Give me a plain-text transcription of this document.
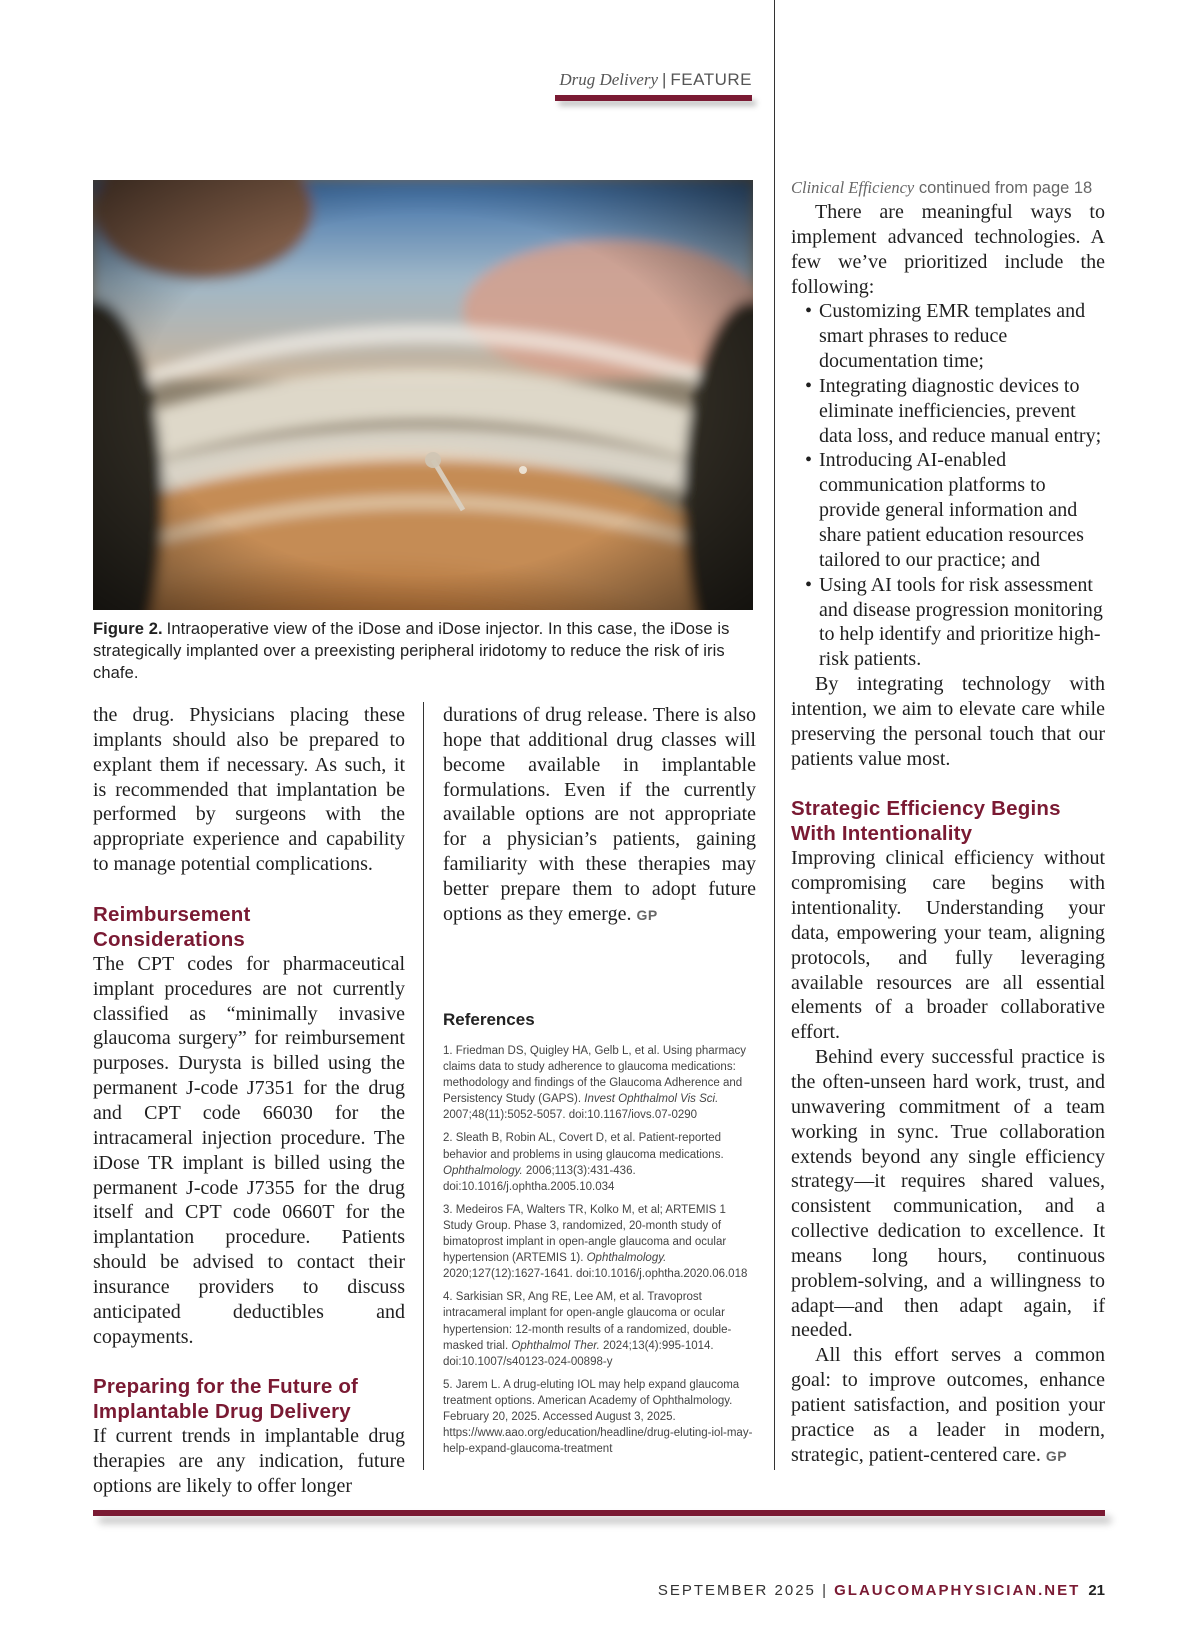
Drug Delivery | FEATURE
Figure 2. Intraoperative view of the iDose and iDose injector. In this case, the iDose is strategically implanted over a preexisting peripheral iridotomy to reduce the risk of iris chafe.

the drug. Physicians placing these implants should also be prepared to explant them if necessary. As such, it is recommended that implantation be performed by surgeons with the appropriate experience and capability to manage potential complications.

Reimbursement Considerations

The CPT codes for pharmaceutical implant procedures are not currently classified as “minimally invasive glaucoma surgery” for reimbursement purposes. Durysta is billed using the permanent J-code J7351 for the drug and CPT code 66030 for the intracameral injection procedure. The iDose TR implant is billed using the permanent J-code J7355 for the drug itself and CPT code 0660T for the implantation procedure. Patients should be advised to contact their insurance providers to discuss anticipated deductibles and copayments.

Preparing for the Future of Implantable Drug Delivery

If current trends in implantable drug therapies are any indication, future options are likely to offer longer

durations of drug release. There is also hope that additional drug classes will become available in implantable formulations. Even if the currently available options are not appropriate for a physician’s patients, gaining familiarity with these therapies may better prepare them to adopt future options as they emerge. GP

References

1. Friedman DS, Quigley HA, Gelb L, et al. Using pharmacy claims data to study adherence to glaucoma medications: methodology and findings of the Glaucoma Adherence and Persistency Study (GAPS). Invest Ophthalmol Vis Sci. 2007;48(11):5052-5057. doi:10.1167/iovs.07-0290

2. Sleath B, Robin AL, Covert D, et al. Patient-reported behavior and problems in using glaucoma medications. Ophthalmology. 2006;113(3):431-436. doi:10.1016/j.ophtha.2005.10.034

3. Medeiros FA, Walters TR, Kolko M, et al; ARTEMIS 1 Study Group. Phase 3, randomized, 20-month study of bimatoprost implant in open-angle glaucoma and ocular hypertension (ARTEMIS 1). Ophthalmology. 2020;127(12):1627-1641. doi:10.1016/j.ophtha.2020.06.018

4. Sarkisian SR, Ang RE, Lee AM, et al. Travoprost intracameral implant for open-angle glaucoma or ocular hypertension: 12-month results of a randomized, double-masked trial. Ophthalmol Ther. 2024;13(4):995-1014. doi:10.1007/s40123-024-00898-y

5. Jarem L. A drug-eluting IOL may help expand glaucoma treatment options. American Academy of Ophthalmology. February 20, 2025. Accessed August 3, 2025. https://www.aao.org/education/headline/drug-eluting-iol-may-help-expand-glaucoma-treatment

Clinical Efficiency continued from page 18

There are meaningful ways to implement advanced technologies. A few we’ve prioritized include the following:

• Customizing EMR templates and smart phrases to reduce documentation time;
• Integrating diagnostic devices to eliminate inefficiencies, prevent data loss, and reduce manual entry;
• Introducing AI-enabled communication platforms to provide general information and share patient education resources tailored to our practice; and
• Using AI tools for risk assessment and disease progression monitoring to help identify and prioritize high-risk patients.

By integrating technology with intention, we aim to elevate care while preserving the personal touch that our patients value most.

Strategic Efficiency Begins With Intentionality

Improving clinical efficiency without compromising care begins with intentionality. Understanding your data, empowering your team, aligning protocols, and fully leveraging available resources are all essential elements of a broader collaborative effort.

Behind every successful practice is the often-unseen hard work, trust, and unwavering commitment of a team working in sync. True collaboration extends beyond any single efficiency strategy—it requires shared values, consistent communication, and a collective dedication to excellence. It means long hours, continuous problem-solving, and a willingness to adapt—and then adapt again, if needed.

All this effort serves a common goal: to improve outcomes, enhance patient satisfaction, and position your practice as a leader in modern, strategic, patient-centered care. GP

SEPTEMBER 2025 | GLAUCOMAPHYSICIAN.NET 21
